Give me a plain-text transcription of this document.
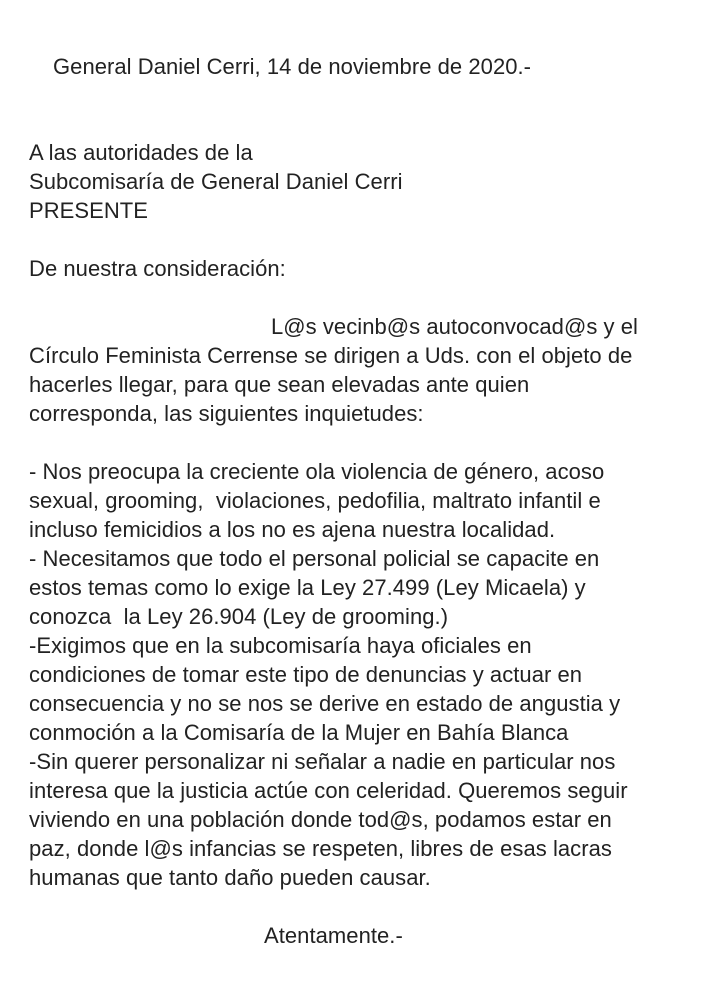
General Daniel Cerri, 14 de noviembre de 2020.-
A las autoridades de la
Subcomisaría de General Daniel Cerri
PRESENTE
De nuestra consideración:
L@s vecinb@s autoconvocad@s y el
Círculo Feminista Cerrense se dirigen a Uds. con el objeto de
hacerles llegar, para que sean elevadas ante quien
corresponda, las siguientes inquietudes:
- Nos preocupa la creciente ola violencia de género, acoso
sexual, grooming,  violaciones, pedofilia, maltrato infantil e
incluso femicidios a los no es ajena nuestra localidad.
- Necesitamos que todo el personal policial se capacite en
estos temas como lo exige la Ley 27.499 (Ley Micaela) y
conozca  la Ley 26.904 (Ley de grooming.)
-Exigimos que en la subcomisaría haya oficiales en
condiciones de tomar este tipo de denuncias y actuar en
consecuencia y no se nos se derive en estado de angustia y
conmoción a la Comisaría de la Mujer en Bahía Blanca
-Sin querer personalizar ni señalar a nadie en particular nos
interesa que la justicia actúe con celeridad. Queremos seguir
viviendo en una población donde tod@s, podamos estar en
paz, donde l@s infancias se respeten, libres de esas lacras
humanas que tanto daño pueden causar.
Atentamente.-
